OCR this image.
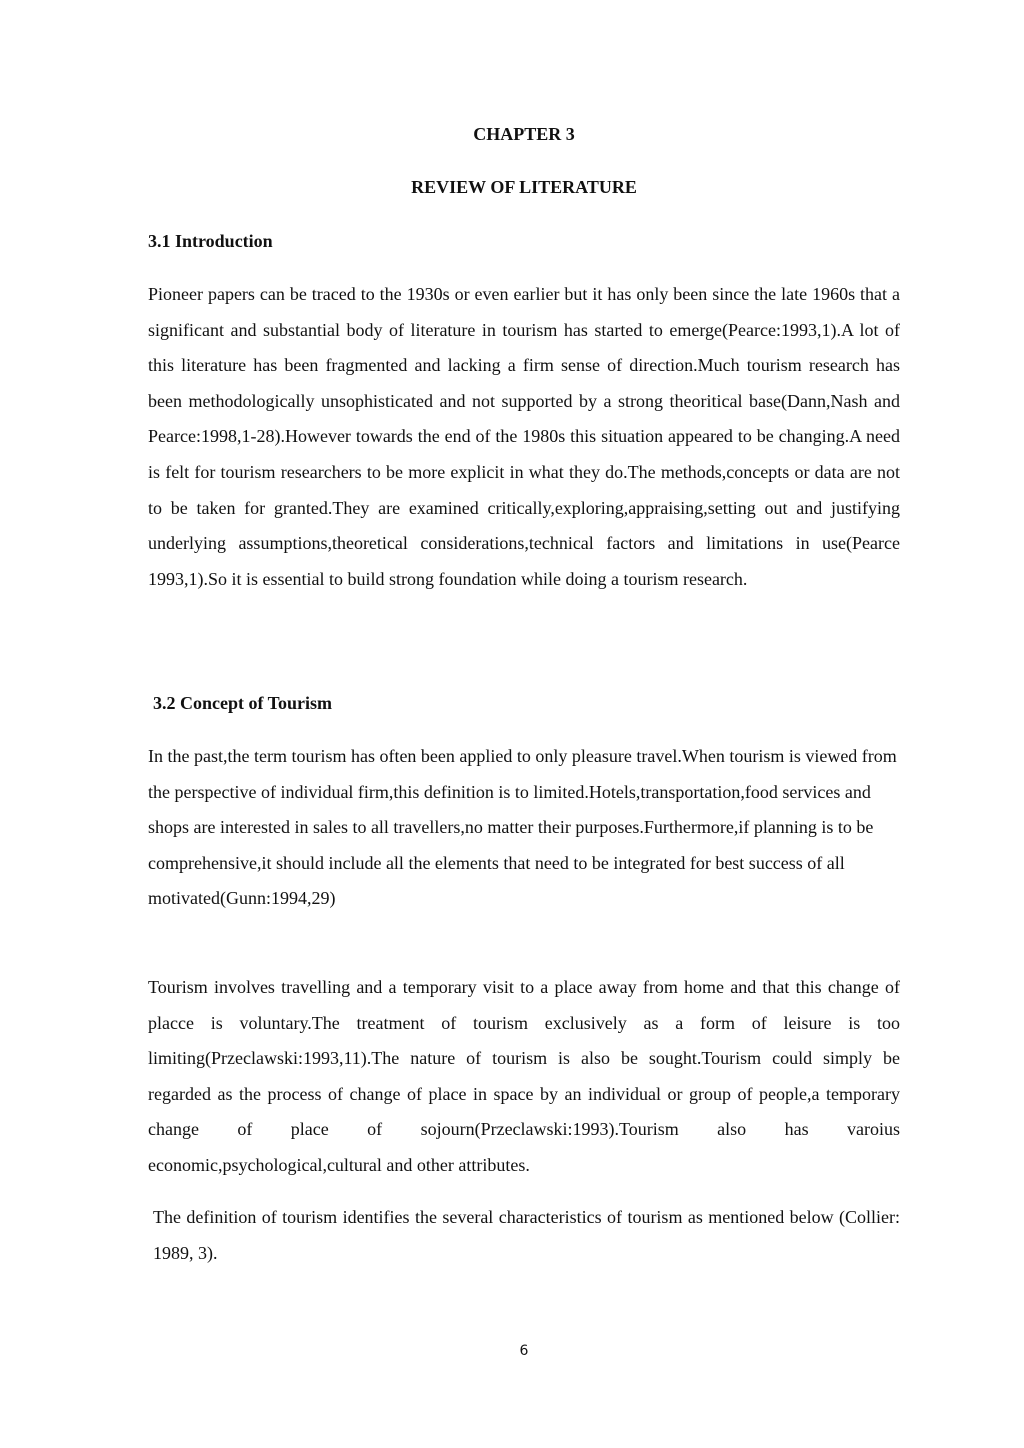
CHAPTER 3

REVIEW OF LITERATURE

3.1 Introduction

Pioneer papers can be traced to the 1930s or even earlier but it has only been since the late 1960s that a significant and substantial body of literature in tourism has started to emerge(Pearce:1993,1).A lot of this literature has been fragmented and lacking a firm sense of direction.Much tourism research has been methodologically unsophisticated and not supported by a strong theoritical base(Dann,Nash and Pearce:1998,1-28).However towards the end of the 1980s this situation appeared to be changing.A need is felt for tourism researchers to be more explicit in what they do.The methods,concepts or data are not to be taken for granted.They are examined critically,exploring,appraising,setting out and justifying underlying assumptions,theoretical considerations,technical factors and limitations in use(Pearce 1993,1).So it is essential to build strong foundation while doing a tourism research.

3.2 Concept of Tourism

In the past,the term tourism has often been applied to only pleasure travel.When tourism is viewed from the perspective of individual firm,this definition is to limited.Hotels,transportation,food services and shops are interested in sales to all travellers,no matter their purposes.Furthermore,if planning is to be comprehensive,it should include all the elements that need to be integrated for best success of all motivated(Gunn:1994,29)

Tourism involves travelling and a temporary visit to a place away from home and that this change of placce is voluntary.The treatment of tourism exclusively as a form of leisure is too limiting(Przeclawski:1993,11).The nature of tourism is also be sought.Tourism could simply be regarded as the process of change of place in space by an individual or group of people,a temporary change of place of sojourn(Przeclawski:1993).Tourism also has varoius economic,psychological,cultural and other attributes.

The definition of tourism identifies the several characteristics of tourism as mentioned below (Collier: 1989, 3).

6
